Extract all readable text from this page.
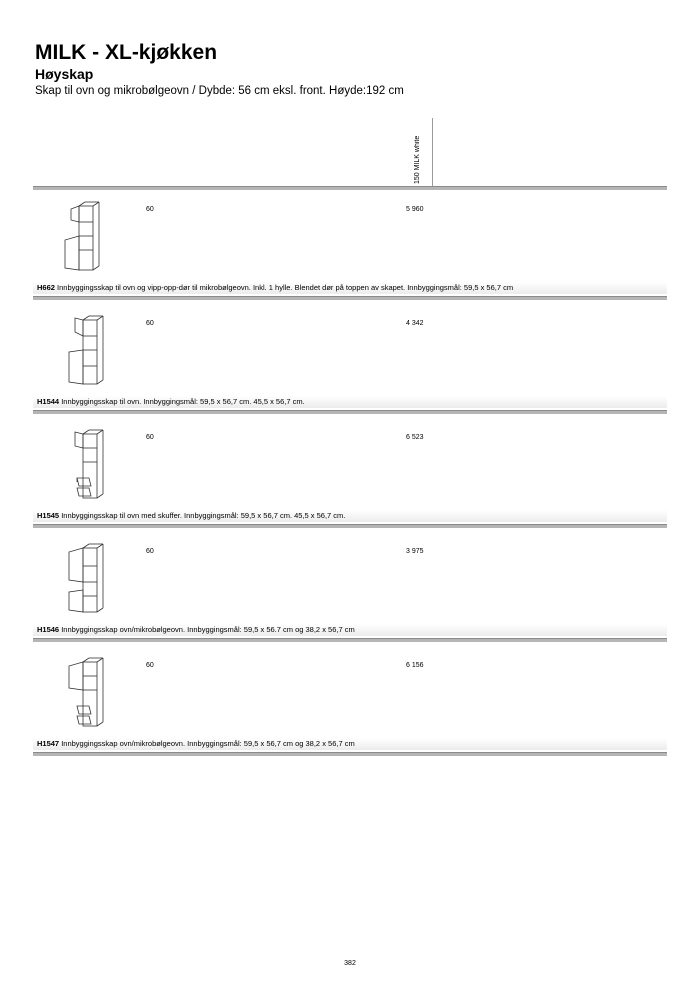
MILK - XL-kjøkken
Høyskap
Skap til ovn og mikrobølgeovn / Dybde: 56 cm eksl. front. Høyde:192 cm
150 MILK white
60	5 960
H662 Innbyggingsskap til ovn og vipp-opp-dør til mikrobølgeovn. Inkl. 1 hylle. Blendet dør på toppen av skapet. Innbyggingsmål: 59,5 x 56,7 cm
60	4 342
H1544 Innbyggingsskap til ovn. Innbyggingsmål: 59,5 x 56,7 cm. 45,5 x 56,7 cm.
60	6 523
H1545 Innbyggingsskap til ovn med skuffer. Innbyggingsmål: 59,5 x 56,7 cm. 45,5 x 56,7 cm.
60	3 975
H1546 Innbyggingsskap ovn/mikrobølgeovn. Innbyggingsmål: 59,5 x 56.7 cm og 38,2 x 56,7 cm
60	6 156
H1547 Innbyggingsskap ovn/mikrobølgeovn. Innbyggingsmål: 59,5 x 56,7 cm og 38,2 x 56,7 cm
382
